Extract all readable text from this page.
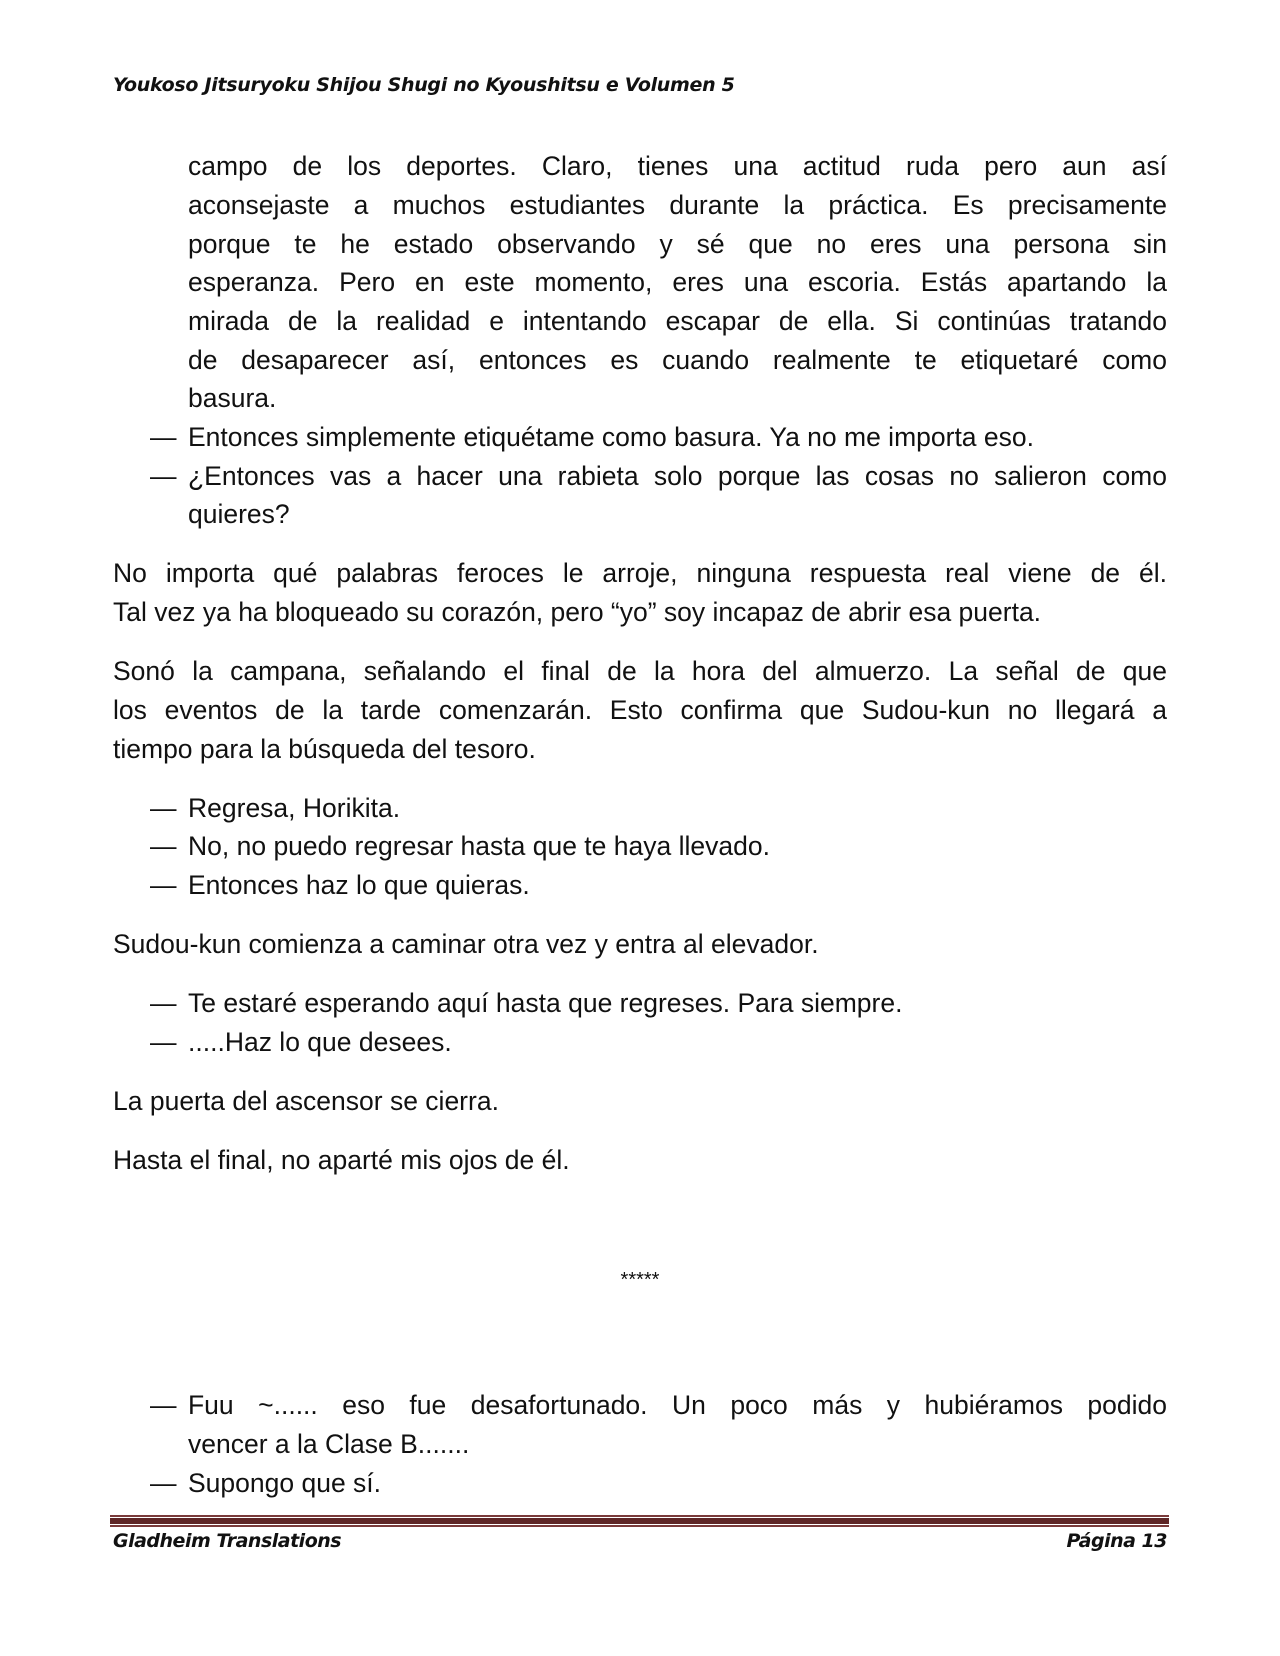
Youkoso Jitsuryoku Shijou Shugi no Kyoushitsu e Volumen 5
campo de los deportes. Claro, tienes una actitud ruda pero aun así
aconsejaste a muchos estudiantes durante la práctica. Es precisamente
porque te he estado observando y sé que no eres una persona sin
esperanza. Pero en este momento, eres una escoria. Estás apartando la
mirada de la realidad e intentando escapar de ella. Si continúas tratando
de desaparecer así, entonces es cuando realmente te etiquetaré como
basura.
— Entonces simplemente etiquétame como basura. Ya no me importa eso.
— ¿Entonces vas a hacer una rabieta solo porque las cosas no salieron como
quieres?
No importa qué palabras feroces le arroje, ninguna respuesta real viene de él.
Tal vez ya ha bloqueado su corazón, pero “yo” soy incapaz de abrir esa puerta.
Sonó la campana, señalando el final de la hora del almuerzo. La señal de que
los eventos de la tarde comenzarán. Esto confirma que Sudou-kun no llegará a
tiempo para la búsqueda del tesoro.
— Regresa, Horikita.
— No, no puedo regresar hasta que te haya llevado.
— Entonces haz lo que quieras.
Sudou-kun comienza a caminar otra vez y entra al elevador.
— Te estaré esperando aquí hasta que regreses. Para siempre.
— .....Haz lo que desees.
La puerta del ascensor se cierra.
Hasta el final, no aparté mis ojos de él.
*****
— Fuu ~...... eso fue desafortunado. Un poco más y hubiéramos podido
vencer a la Clase B.......
— Supongo que sí.
Gladheim Translations	Página 13
